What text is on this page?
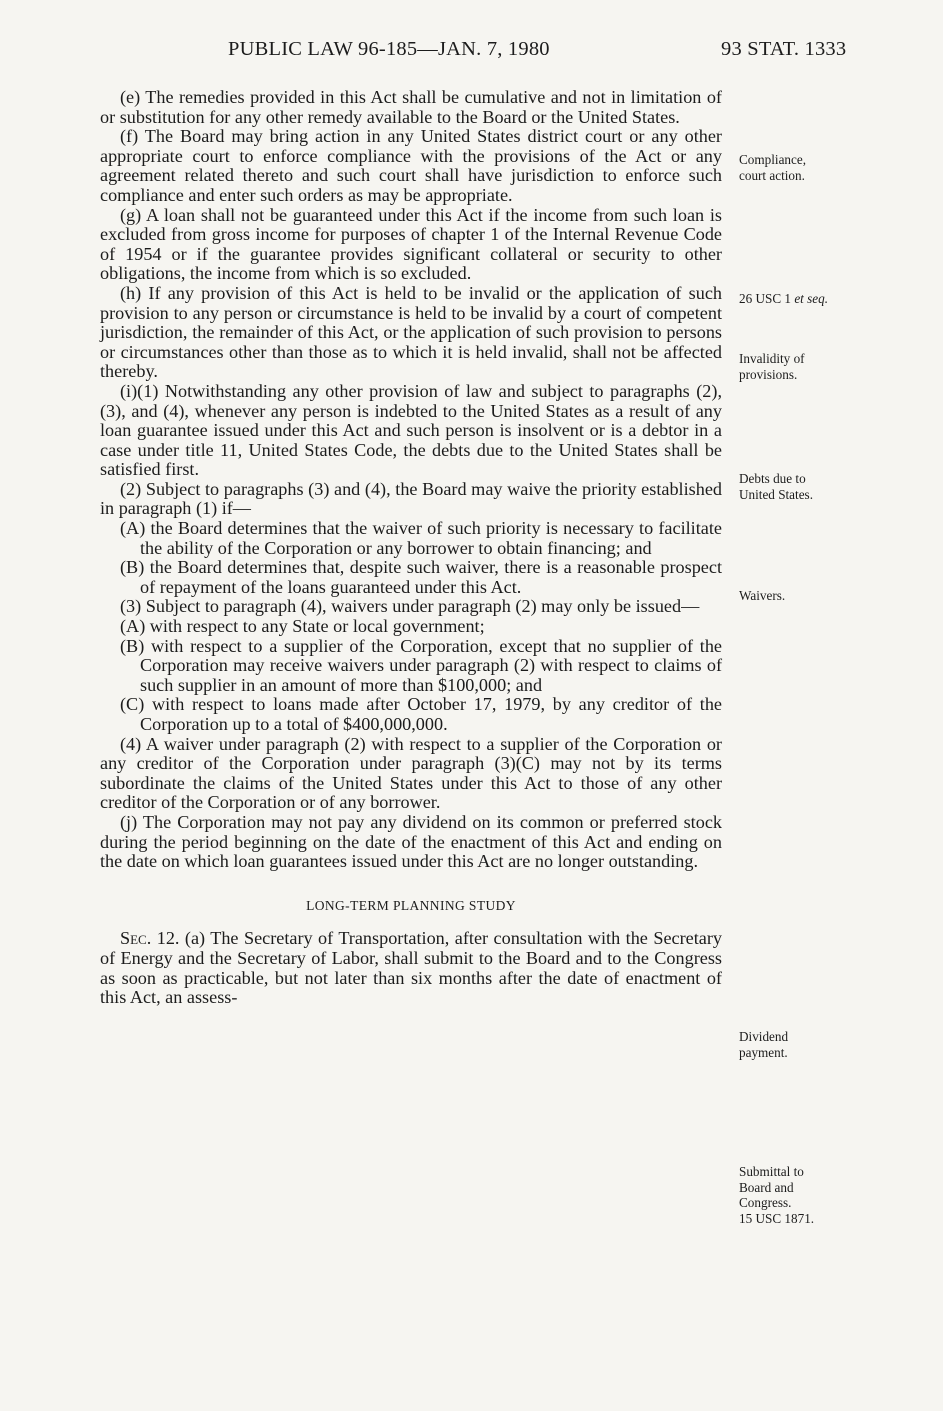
PUBLIC LAW 96-185—JAN. 7, 1980	93 STAT. 1333

(e) The remedies provided in this Act shall be cumulative and not in limitation of or substitution for any other remedy available to the Board or the United States.

(f) The Board may bring action in any United States district court or any other appropriate court to enforce compliance with the provisions of the Act or any agreement related thereto and such court shall have jurisdiction to enforce such compliance and enter such orders as may be appropriate.

(g) A loan shall not be guaranteed under this Act if the income from such loan is excluded from gross income for purposes of chapter 1 of the Internal Revenue Code of 1954 or if the guarantee provides significant collateral or security to other obligations, the income from which is so excluded.

(h) If any provision of this Act is held to be invalid or the application of such provision to any person or circumstance is held to be invalid by a court of competent jurisdiction, the remainder of this Act, or the application of such provision to persons or circumstances other than those as to which it is held invalid, shall not be affected thereby.

(i)(1) Notwithstanding any other provision of law and subject to paragraphs (2), (3), and (4), whenever any person is indebted to the United States as a result of any loan guarantee issued under this Act and such person is insolvent or is a debtor in a case under title 11, United States Code, the debts due to the United States shall be satisfied first.

(2) Subject to paragraphs (3) and (4), the Board may waive the priority established in paragraph (1) if—

(A) the Board determines that the waiver of such priority is necessary to facilitate the ability of the Corporation or any borrower to obtain financing; and

(B) the Board determines that, despite such waiver, there is a reasonable prospect of repayment of the loans guaranteed under this Act.

(3) Subject to paragraph (4), waivers under paragraph (2) may only be issued—

(A) with respect to any State or local government;

(B) with respect to a supplier of the Corporation, except that no supplier of the Corporation may receive waivers under paragraph (2) with respect to claims of such supplier in an amount of more than $100,000; and

(C) with respect to loans made after October 17, 1979, by any creditor of the Corporation up to a total of $400,000,000.

(4) A waiver under paragraph (2) with respect to a supplier of the Corporation or any creditor of the Corporation under paragraph (3)(C) may not by its terms subordinate the claims of the United States under this Act to those of any other creditor of the Corporation or of any borrower.

(j) The Corporation may not pay any dividend on its common or preferred stock during the period beginning on the date of the enactment of this Act and ending on the date on which loan guarantees issued under this Act are no longer outstanding.

LONG-TERM PLANNING STUDY

Sec. 12. (a) The Secretary of Transportation, after consultation with the Secretary of Energy and the Secretary of Labor, shall submit to the Board and to the Congress as soon as practicable, but not later than six months after the date of enactment of this Act, an assess-

Compliance,
court action.
26 USC 1 et seq.
Invalidity of
provisions.
Debts due to
United States.
Waivers.
Dividend
payment.
Submittal to
Board and
Congress.
15 USC 1871.
